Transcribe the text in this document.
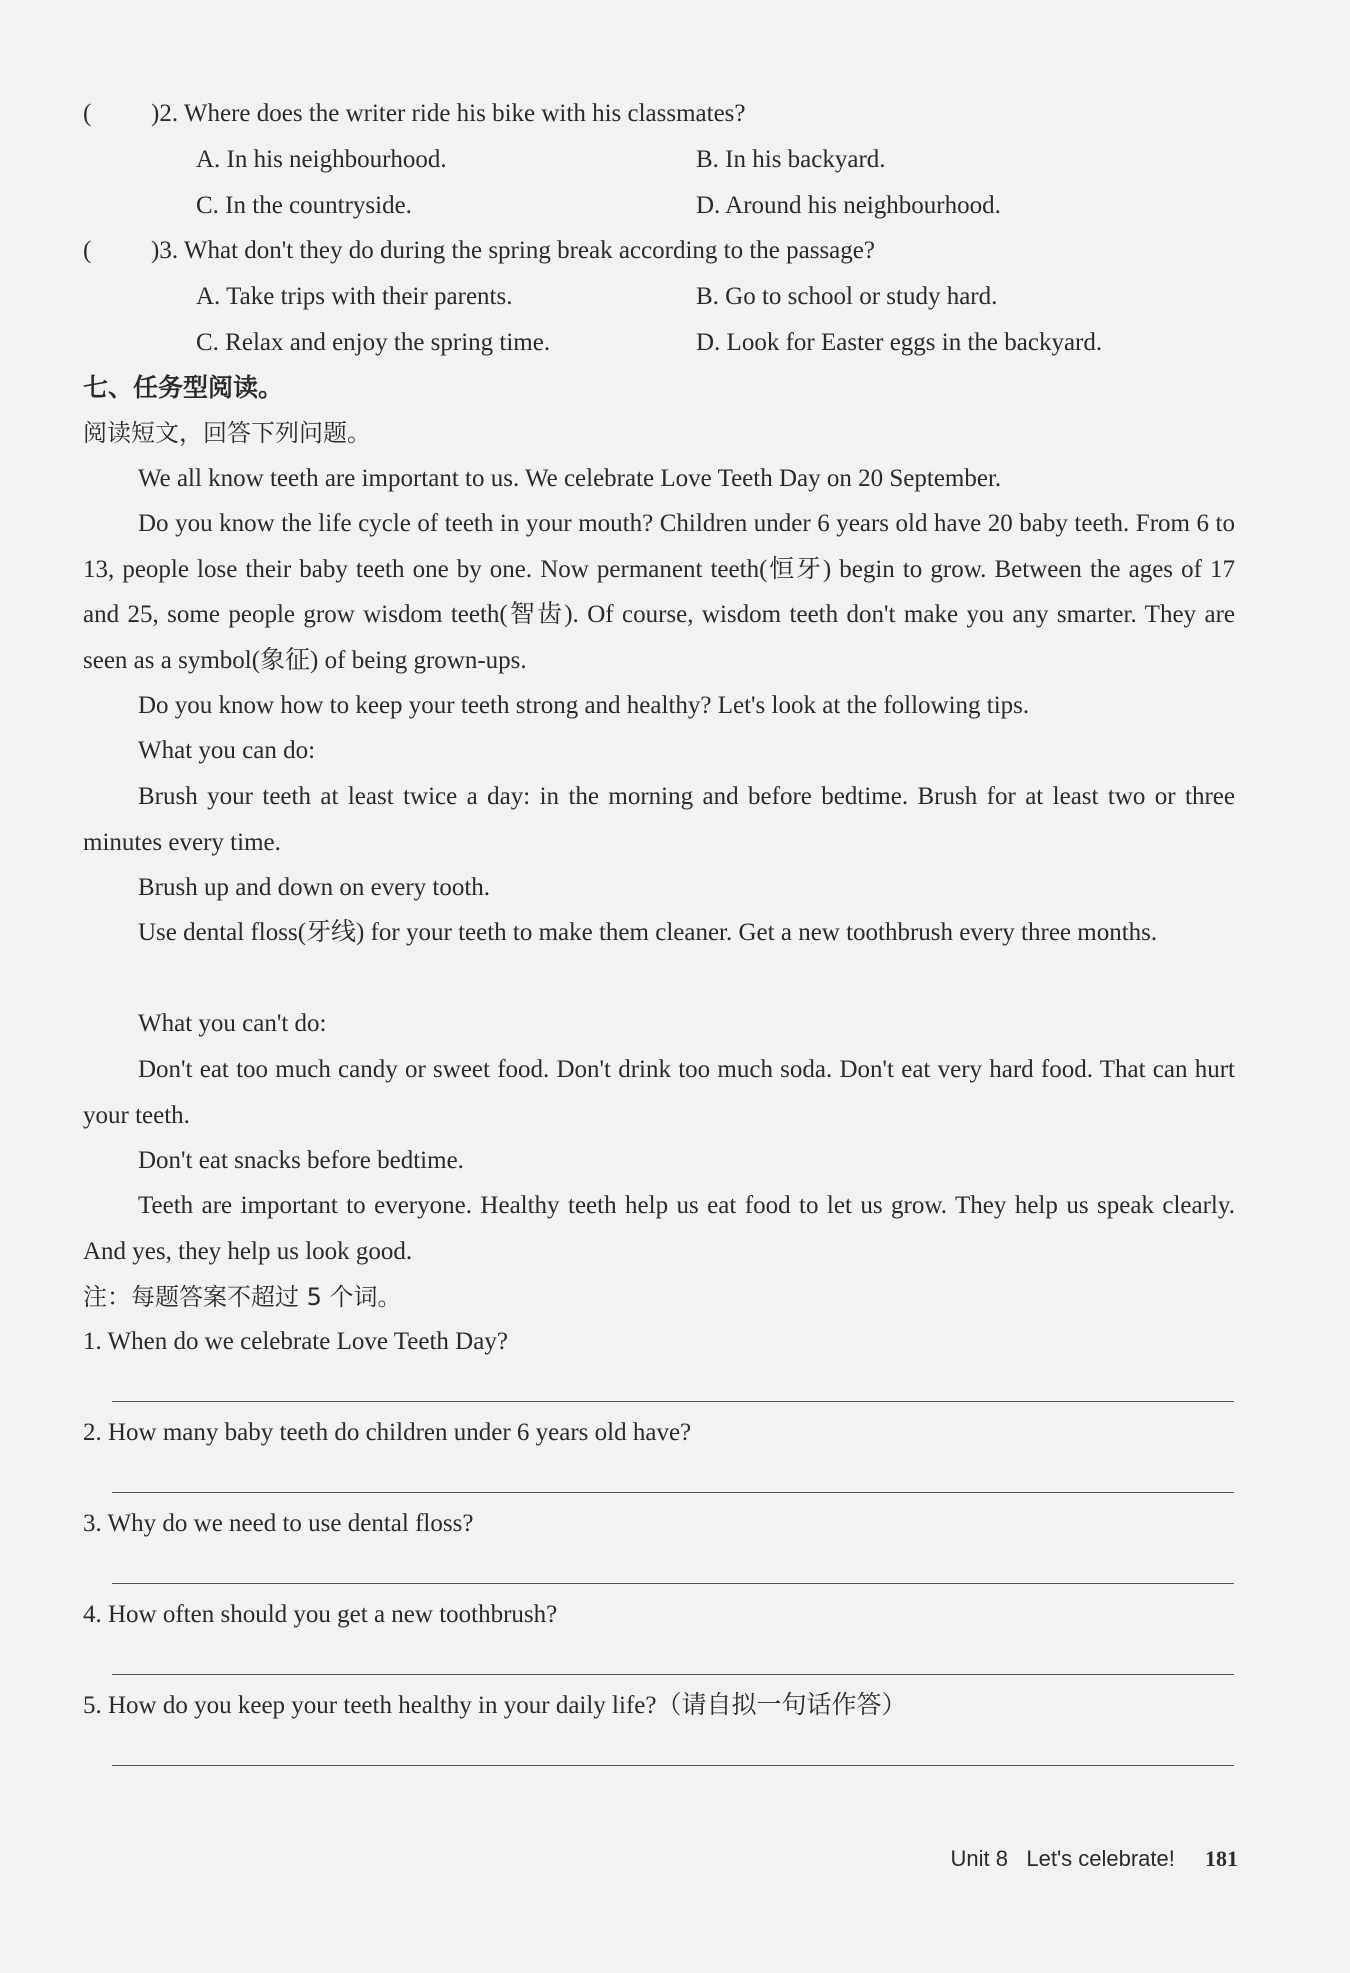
( )2. Where does the writer ride his bike with his classmates?
A. In his neighbourhood.	B. In his backyard.
C. In the countryside.	D. Around his neighbourhood.
( )3. What don't they do during the spring break according to the passage?
A. Take trips with their parents.	B. Go to school or study hard.
C. Relax and enjoy the spring time.	D. Look for Easter eggs in the backyard.
七、任务型阅读。
阅读短文，回答下列问题。
We all know teeth are important to us. We celebrate Love Teeth Day on 20 September.
Do you know the life cycle of teeth in your mouth? Children under 6 years old have 20 baby teeth. From 6 to 13, people lose their baby teeth one by one. Now permanent teeth(恒牙) begin to grow. Between the ages of 17 and 25, some people grow wisdom teeth(智齿). Of course, wisdom teeth don't make you any smarter. They are seen as a symbol(象征) of being grown-ups.
Do you know how to keep your teeth strong and healthy? Let's look at the following tips.
What you can do:
Brush your teeth at least twice a day: in the morning and before bedtime. Brush for at least two or three minutes every time.
Brush up and down on every tooth.
Use dental floss(牙线) for your teeth to make them cleaner. Get a new toothbrush every three months.
What you can't do:
Don't eat too much candy or sweet food. Don't drink too much soda. Don't eat very hard food. That can hurt your teeth.
Don't eat snacks before bedtime.
Teeth are important to everyone. Healthy teeth help us eat food to let us grow. They help us speak clearly. And yes, they help us look good.
注：每题答案不超过 5 个词。
1. When do we celebrate Love Teeth Day?
2. How many baby teeth do children under 6 years old have?
3. Why do we need to use dental floss?
4. How often should you get a new toothbrush?
5. How do you keep your teeth healthy in your daily life?（请自拟一句话作答）
Unit 8   Let's celebrate! 181
